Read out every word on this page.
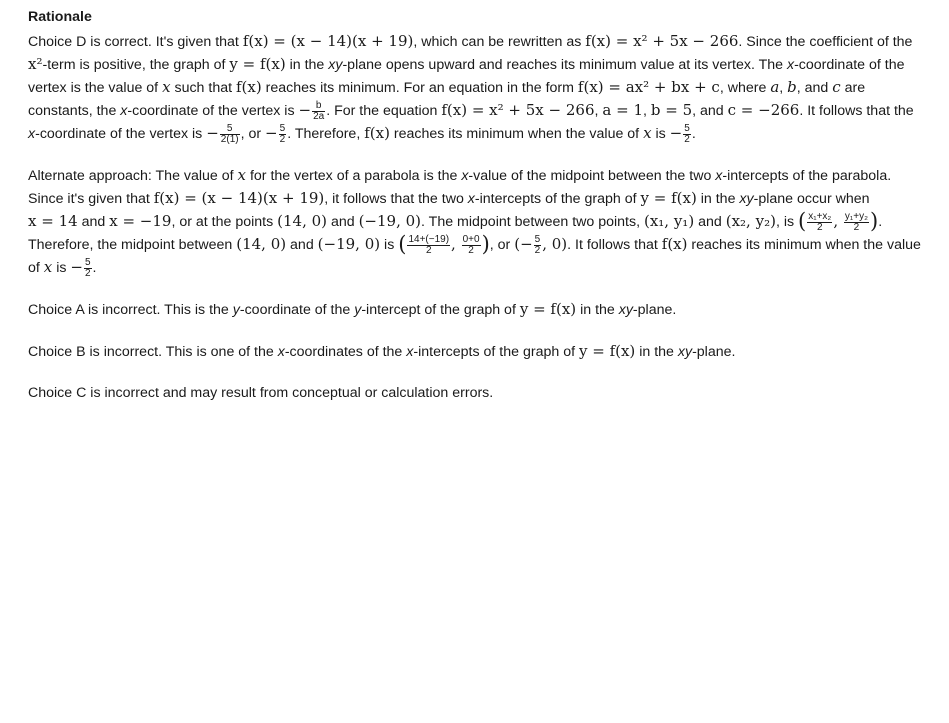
Rationale

Choice D is correct. It's given that f(x) = (x − 14)(x + 19), which can be rewritten as f(x) = x² + 5x − 266. Since the coefficient of the x²-term is positive, the graph of y = f(x) in the xy-plane opens upward and reaches its minimum value at its vertex. The x-coordinate of the vertex is the value of x such that f(x) reaches its minimum. For an equation in the form f(x) = ax² + bx + c, where a, b, and c are constants, the x-coordinate of the vertex is − $\frac{b}{2a}$ . For the equation f(x) = x² + 5x − 266, a = 1, b = 5, and c = −266. It follows that the x-coordinate of the vertex is − $\frac{5}{2(1)}$ , or − $\frac{5}{2}$ . Therefore, f(x) reaches its minimum when the value of x is − $\frac{5}{2}$ .

Alternate approach: The value of x for the vertex of a parabola is the x-value of the midpoint between the two x-intercepts of the parabola. Since it's given that f(x) = (x − 14)(x + 19), it follows that the two x-intercepts of the graph of y = f(x) in the xy-plane occur when x = 14 and x = −19, or at the points (14, 0) and (−19, 0). The midpoint between two points, (x₁, y₁) and (x₂, y₂), is ( $\frac{\text{x₁+x₂}}{2}$ , $\frac{\text{y₁+y₂}}{2}$ ). Therefore, the midpoint between (14, 0) and (−19, 0) is ( $\frac{14+(-19)}{2}$ , $\frac{0+0}{2}$ ), or (− $\frac{5}{2}$ , 0). It follows that f(x) reaches its minimum when the value of x is − $\frac{5}{2}$ .

Choice A is incorrect. This is the y-coordinate of the y-intercept of the graph of y = f(x) in the xy-plane.

Choice B is incorrect. This is one of the x-coordinates of the x-intercepts of the graph of y = f(x) in the xy-plane.

Choice C is incorrect and may result from conceptual or calculation errors.
